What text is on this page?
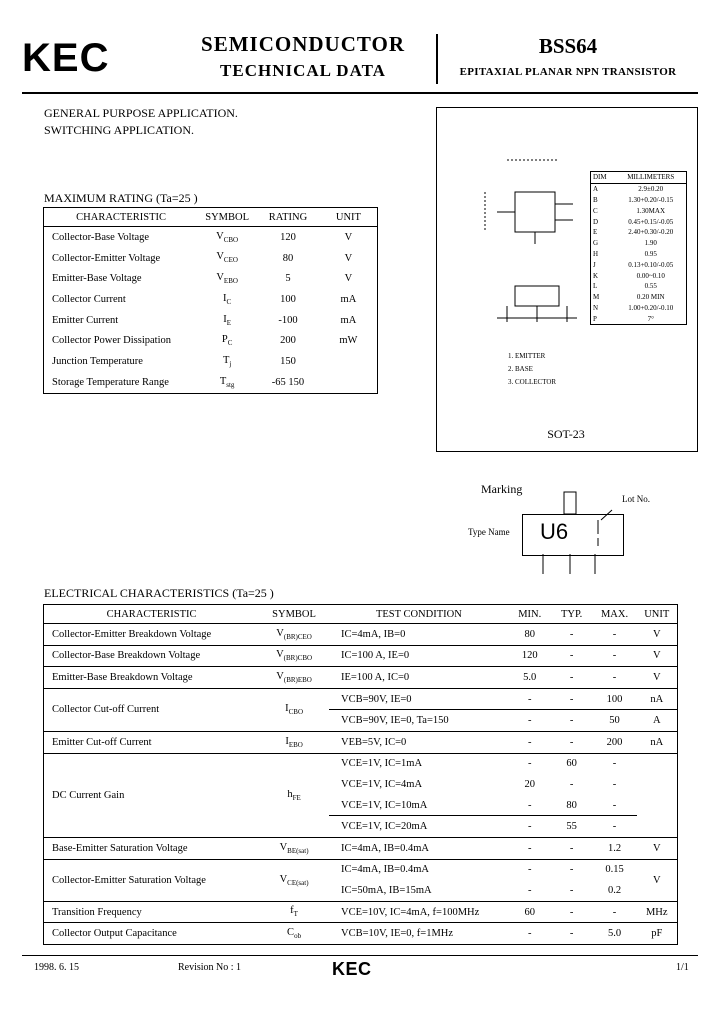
KEC	SEMICONDUCTOR
TECHNICAL DATA
BSS64
EPITAXIAL PLANAR NPN TRANSISTOR
GENERAL PURPOSE APPLICATION.
SWITCHING APPLICATION.
MAXIMUM RATING (Ta=25 )
CHARACTERISTIC	SYMBOL	RATING	UNIT
Collector-Base Voltage	$V_{CBO}$	120	V
Collector-Emitter Voltage	$V_{CEO}$	80	V
Emitter-Base Voltage	$V_{EBO}$	5	V
Collector Current	$I_C$	100	mA
Emitter Current	$I_E$	-100	mA
Collector Power Dissipation	$P_C$	200	mW
Junction Temperature	$T_j$	150	
Storage Temperature Range	$T_{stg}$	-65 150	
DIM	MILLIMETERS
A	2.9±0.20
B	1.30+0.20/-0.15
C	1.30MAX
D	0.45+0.15/-0.05
E	2.40+0.30/-0.20
G	1.90
H	0.95
J	0.13+0.10/-0.05
K	0.00~0.10
L	0.55
M	0.20 MIN
N	1.00+0.20/-0.10
P	7°
1. EMITTER
2. BASE
3. COLLECTOR
SOT-23
Marking
Lot No.
Type Name U6
ELECTRICAL CHARACTERISTICS (Ta=25 )
CHARACTERISTIC	SYMBOL	TEST CONDITION	MIN.	TYP.	MAX.	UNIT
Collector-Emitter Breakdown Voltage	$V_{(BR)CEO}$	IC=4mA, IB=0	80	-	-	V
Collector-Base Breakdown Voltage	$V_{(BR)CBO}$	IC=100 A, IE=0	120	-	-	V
Emitter-Base Breakdown Voltage	$V_{(BR)EBO}$	IE=100 A, IC=0	5.0	-	-	V
Collector Cut-off Current	$I_{CBO}$	VCB=90V, IE=0	-	-	100	nA
		VCB=90V, IE=0, Ta=150	-	-	50	A
Emitter Cut-off Current	$I_{EBO}$	VEB=5V, IC=0	-	-	200	nA
DC Current Gain	$h_{FE}$	VCE=1V, IC=1mA	-	60	-	
		VCE=1V, IC=4mA	20	-	-	
		VCE=1V, IC=10mA	-	80	-	
		VCE=1V, IC=20mA	-	55	-	
Base-Emitter Saturation Voltage	$V_{BE(sat)}$	IC=4mA, IB=0.4mA	-	-	1.2	V
Collector-Emitter Saturation Voltage	$V_{CE(sat)}$	IC=4mA, IB=0.4mA	-	-	0.15	V
		IC=50mA, IB=15mA	-	-	0.2	
Transition Frequency	$f_T$	VCE=10V, IC=4mA, f=100MHz	60	-	-	MHz
Collector Output Capacitance	$C_{ob}$	VCB=10V, IE=0, f=1MHz	-	-	5.0	pF
1998. 6. 15	Revision No : 1	KEC	1/1
